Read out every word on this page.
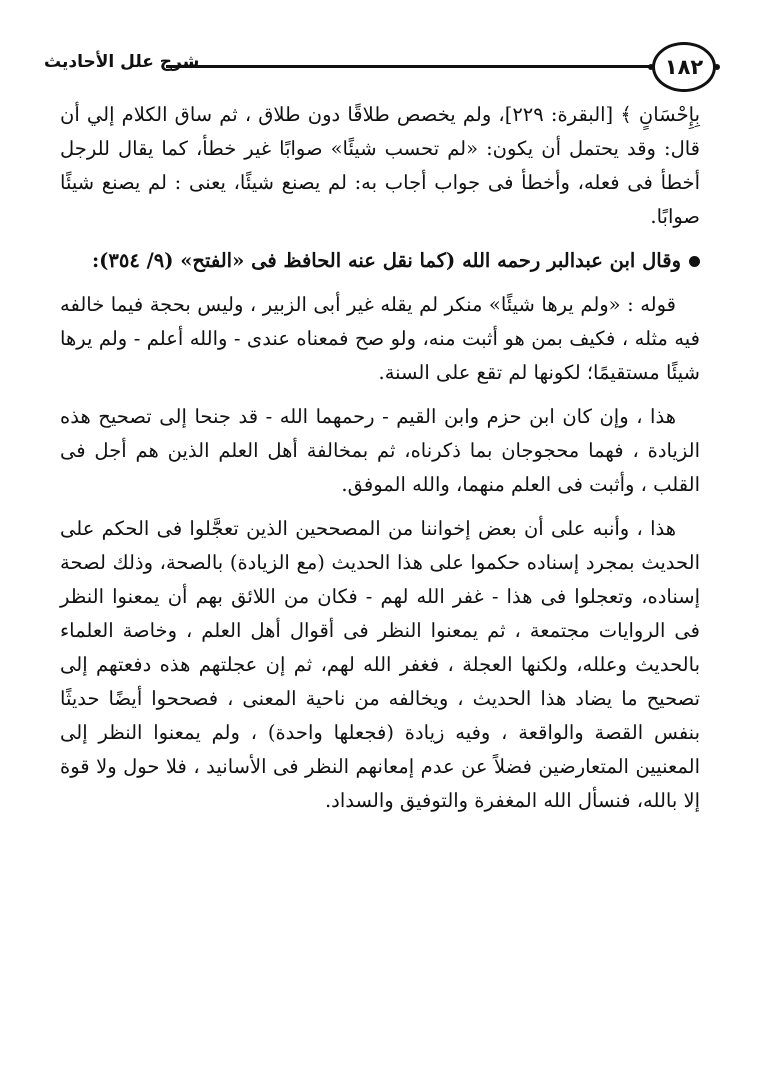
١٨٢
شرح علل الأحاديث

بِإِحْسَانٍ ﴾ [البقرة: ٢٢٩]، ولم يخصص طلاقًا دون طلاق ، ثم ساق الكلام إلي أن قال: وقد يحتمل أن يكون: «لم تحسب شيئًا» صوابًا غير خطأ، كما يقال للرجل أخطأ فى فعله، وأخطأ فى جواب أجاب به: لم يصنع شيئًا، يعنى : لم يصنع شيئًا صوابًا.

وقال ابن عبدالبر رحمه الله (كما نقل عنه الحافظ فى «الفتح» (٩/ ٣٥٤):

قوله : «ولم يرها شيئًا» منكر لم يقله غير أبى الزبير ، وليس بحجة فيما خالفه فيه مثله ، فكيف بمن هو أثبت منه، ولو صح فمعناه عندى - والله أعلم - ولم يرها شيئًا مستقيمًا؛ لكونها لم تقع على السنة.

هذا ، وإن كان ابن حزم وابن القيم - رحمهما الله - قد جنحا إلى تصحيح هذه الزيادة ، فهما محجوجان بما ذكرناه، ثم بمخالفة أهل العلم الذين هم أجل فى القلب ، وأثبت فى العلم منهما، والله الموفق.

هذا ، وأنبه على أن بعض إخواننا من المصححين الذين تعجَّلوا فى الحكم على الحديث بمجرد إسناده حكموا على هذا الحديث (مع الزيادة) بالصحة، وذلك لصحة إسناده، وتعجلوا فى هذا - غفر الله لهم - فكان من اللائق بهم أن يمعنوا النظر فى الروايات مجتمعة ، ثم يمعنوا النظر فى أقوال أهل العلم ، وخاصة العلماء بالحديث وعلله، ولكنها العجلة ، فغفر الله لهم، ثم إن عجلتهم هذه دفعتهم إلى تصحيح ما يضاد هذا الحديث ، ويخالفه من ناحية المعنى ، فصححوا أيضًا حديثًا بنفس القصة والواقعة ، وفيه زيادة (فجعلها واحدة) ، ولم يمعنوا النظر إلى المعنيين المتعارضين فضلاً عن عدم إمعانهم النظر فى الأسانيد ، فلا حول ولا قوة إلا بالله، فنسأل الله المغفرة والتوفيق والسداد.
